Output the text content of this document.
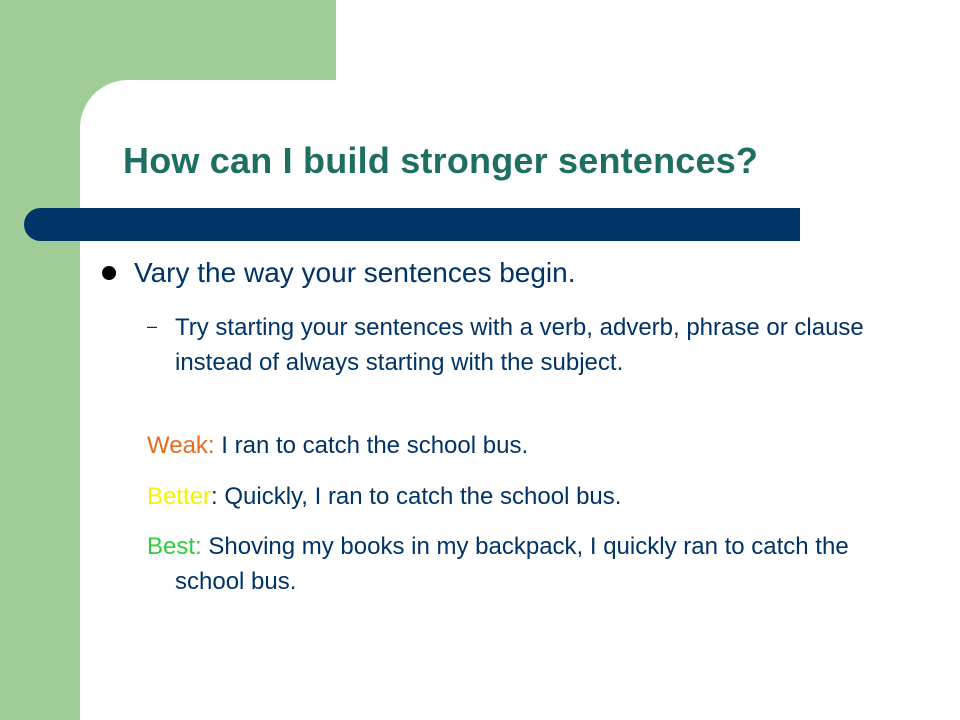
How can I build stronger sentences?

Vary the way your sentences begin.

– Try starting your sentences with a verb, adverb, phrase or clause instead of always starting with the subject.

Weak: I ran to catch the school bus.

Better: Quickly, I ran to catch the school bus.

Best: Shoving my books in my backpack, I quickly ran to catch the school bus.
